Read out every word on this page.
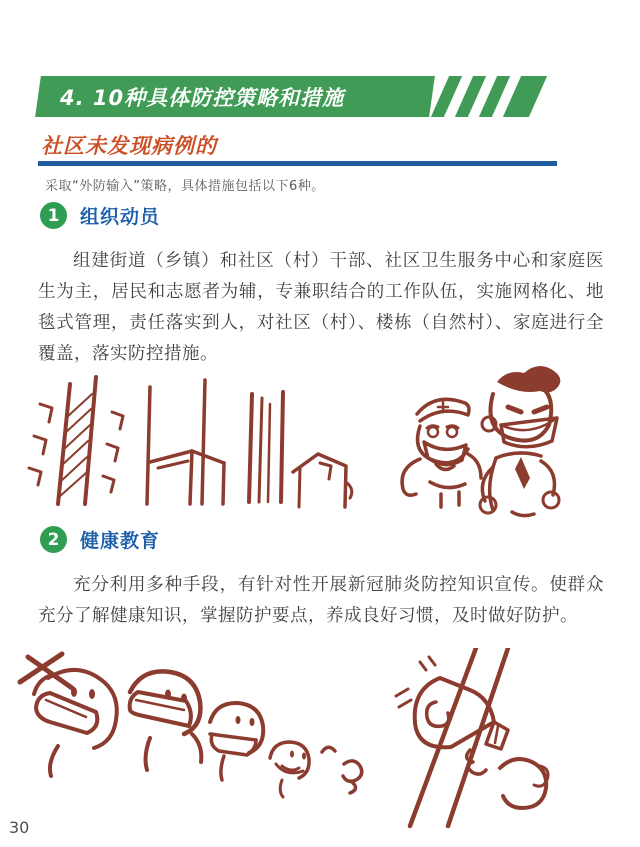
4. 10种具体防控策略和措施
社区未发现病例的
采取“外防输入”策略，具体措施包括以下6种。
1	组织动员
组建街道（乡镇）和社区（村）干部、社区卫生服务中心和家庭医生为主，居民和志愿者为辅，专兼职结合的工作队伍，实施网格化、地毯式管理，责任落实到人，对社区（村）、楼栋（自然村）、家庭进行全覆盖，落实防控措施。
2	健康教育
充分利用多种手段，有针对性开展新冠肺炎防控知识宣传。使群众充分了解健康知识，掌握防护要点，养成良好习惯，及时做好防护。
30
